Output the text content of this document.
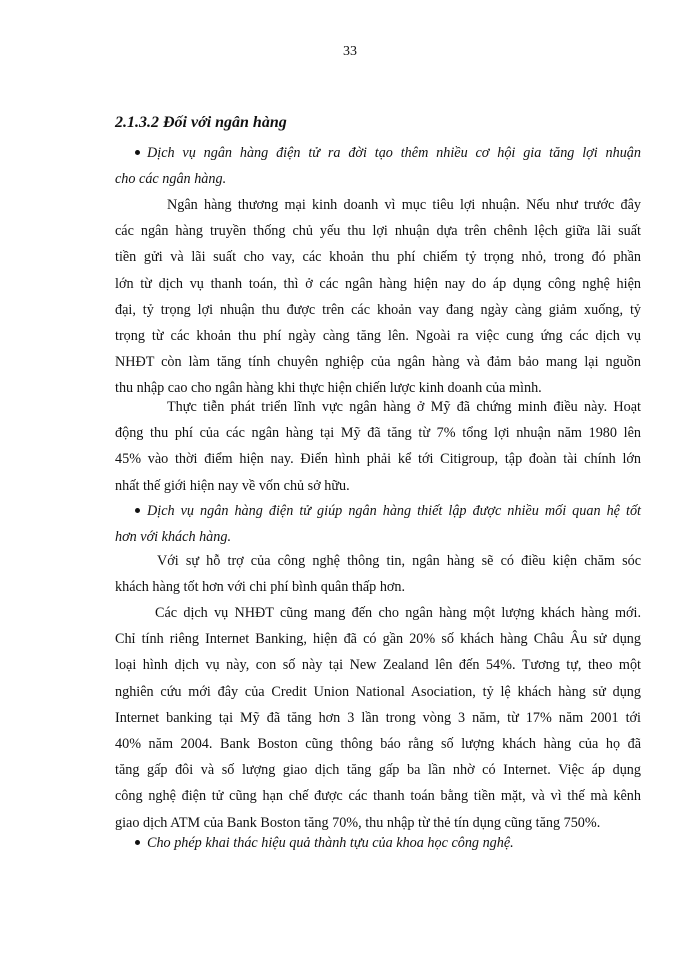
33
2.1.3.2 Đối với ngân hàng
Dịch vụ ngân hàng điện tử ra đời tạo thêm nhiều cơ hội gia tăng lợi nhuận
cho các ngân hàng.
Ngân hàng thương mại kinh doanh vì mục tiêu lợi nhuận. Nếu như trước đây
các ngân hàng truyền thống chủ yếu thu lợi nhuận dựa trên chênh lệch giữa lãi suất
tiền gửi và lãi suất cho vay, các khoản thu phí chiếm tỷ trọng nhỏ, trong đó phần
lớn từ dịch vụ thanh toán, thì ở các ngân hàng hiện nay do áp dụng công nghệ hiện
đại, tỷ trọng lợi nhuận thu được trên các khoản vay đang ngày càng giảm xuống, tỷ
trọng từ các khoản thu phí ngày càng tăng lên. Ngoài ra việc cung ứng các dịch vụ
NHĐT còn làm tăng tính chuyên nghiệp của ngân hàng và đảm bảo mang lại nguồn
thu nhập cao cho ngân hàng khi thực hiện chiến lược kinh doanh của mình.
Thực tiễn phát triển lĩnh vực ngân hàng ở Mỹ đã chứng minh điều này. Hoạt
động thu phí của các ngân hàng tại Mỹ đã tăng từ 7% tổng lợi nhuận năm 1980 lên
45% vào thời điểm hiện nay. Điển hình phải kể tới Citigroup, tập đoàn tài chính lớn
nhất thế giới hiện nay về vốn chủ sở hữu.
Dịch vụ ngân hàng điện tử giúp ngân hàng thiết lập được nhiều mối quan hệ tốt
hơn với khách hàng.
Với sự hỗ trợ của công nghệ thông tin, ngân hàng sẽ có điều kiện chăm sóc
khách hàng tốt hơn với chi phí bình quân thấp hơn.
Các dịch vụ NHĐT cũng mang đến cho ngân hàng một lượng khách hàng mới.
Chỉ tính riêng Internet Banking, hiện đã có gần 20% số khách hàng Châu Âu sử dụng
loại hình dịch vụ này, con số này tại New Zealand lên đến 54%. Tương tự, theo một
nghiên cứu mới đây của Credit Union National Asociation, tỷ lệ khách hàng sử dụng
Internet banking tại Mỹ đã tăng hơn 3 lần trong vòng 3 năm, từ 17% năm 2001 tới
40% năm 2004. Bank Boston cũng thông báo rằng số lượng khách hàng của họ đã
tăng gấp đôi và số lượng giao dịch tăng gấp ba lần nhờ có Internet. Việc áp dụng
công nghệ điện tử cũng hạn chế được các thanh toán bằng tiền mặt, và vì thế mà kênh
giao dịch ATM của Bank Boston tăng 70%, thu nhập từ thẻ tín dụng cũng tăng 750%.
Cho phép khai thác hiệu quả thành tựu của khoa học công nghệ.
